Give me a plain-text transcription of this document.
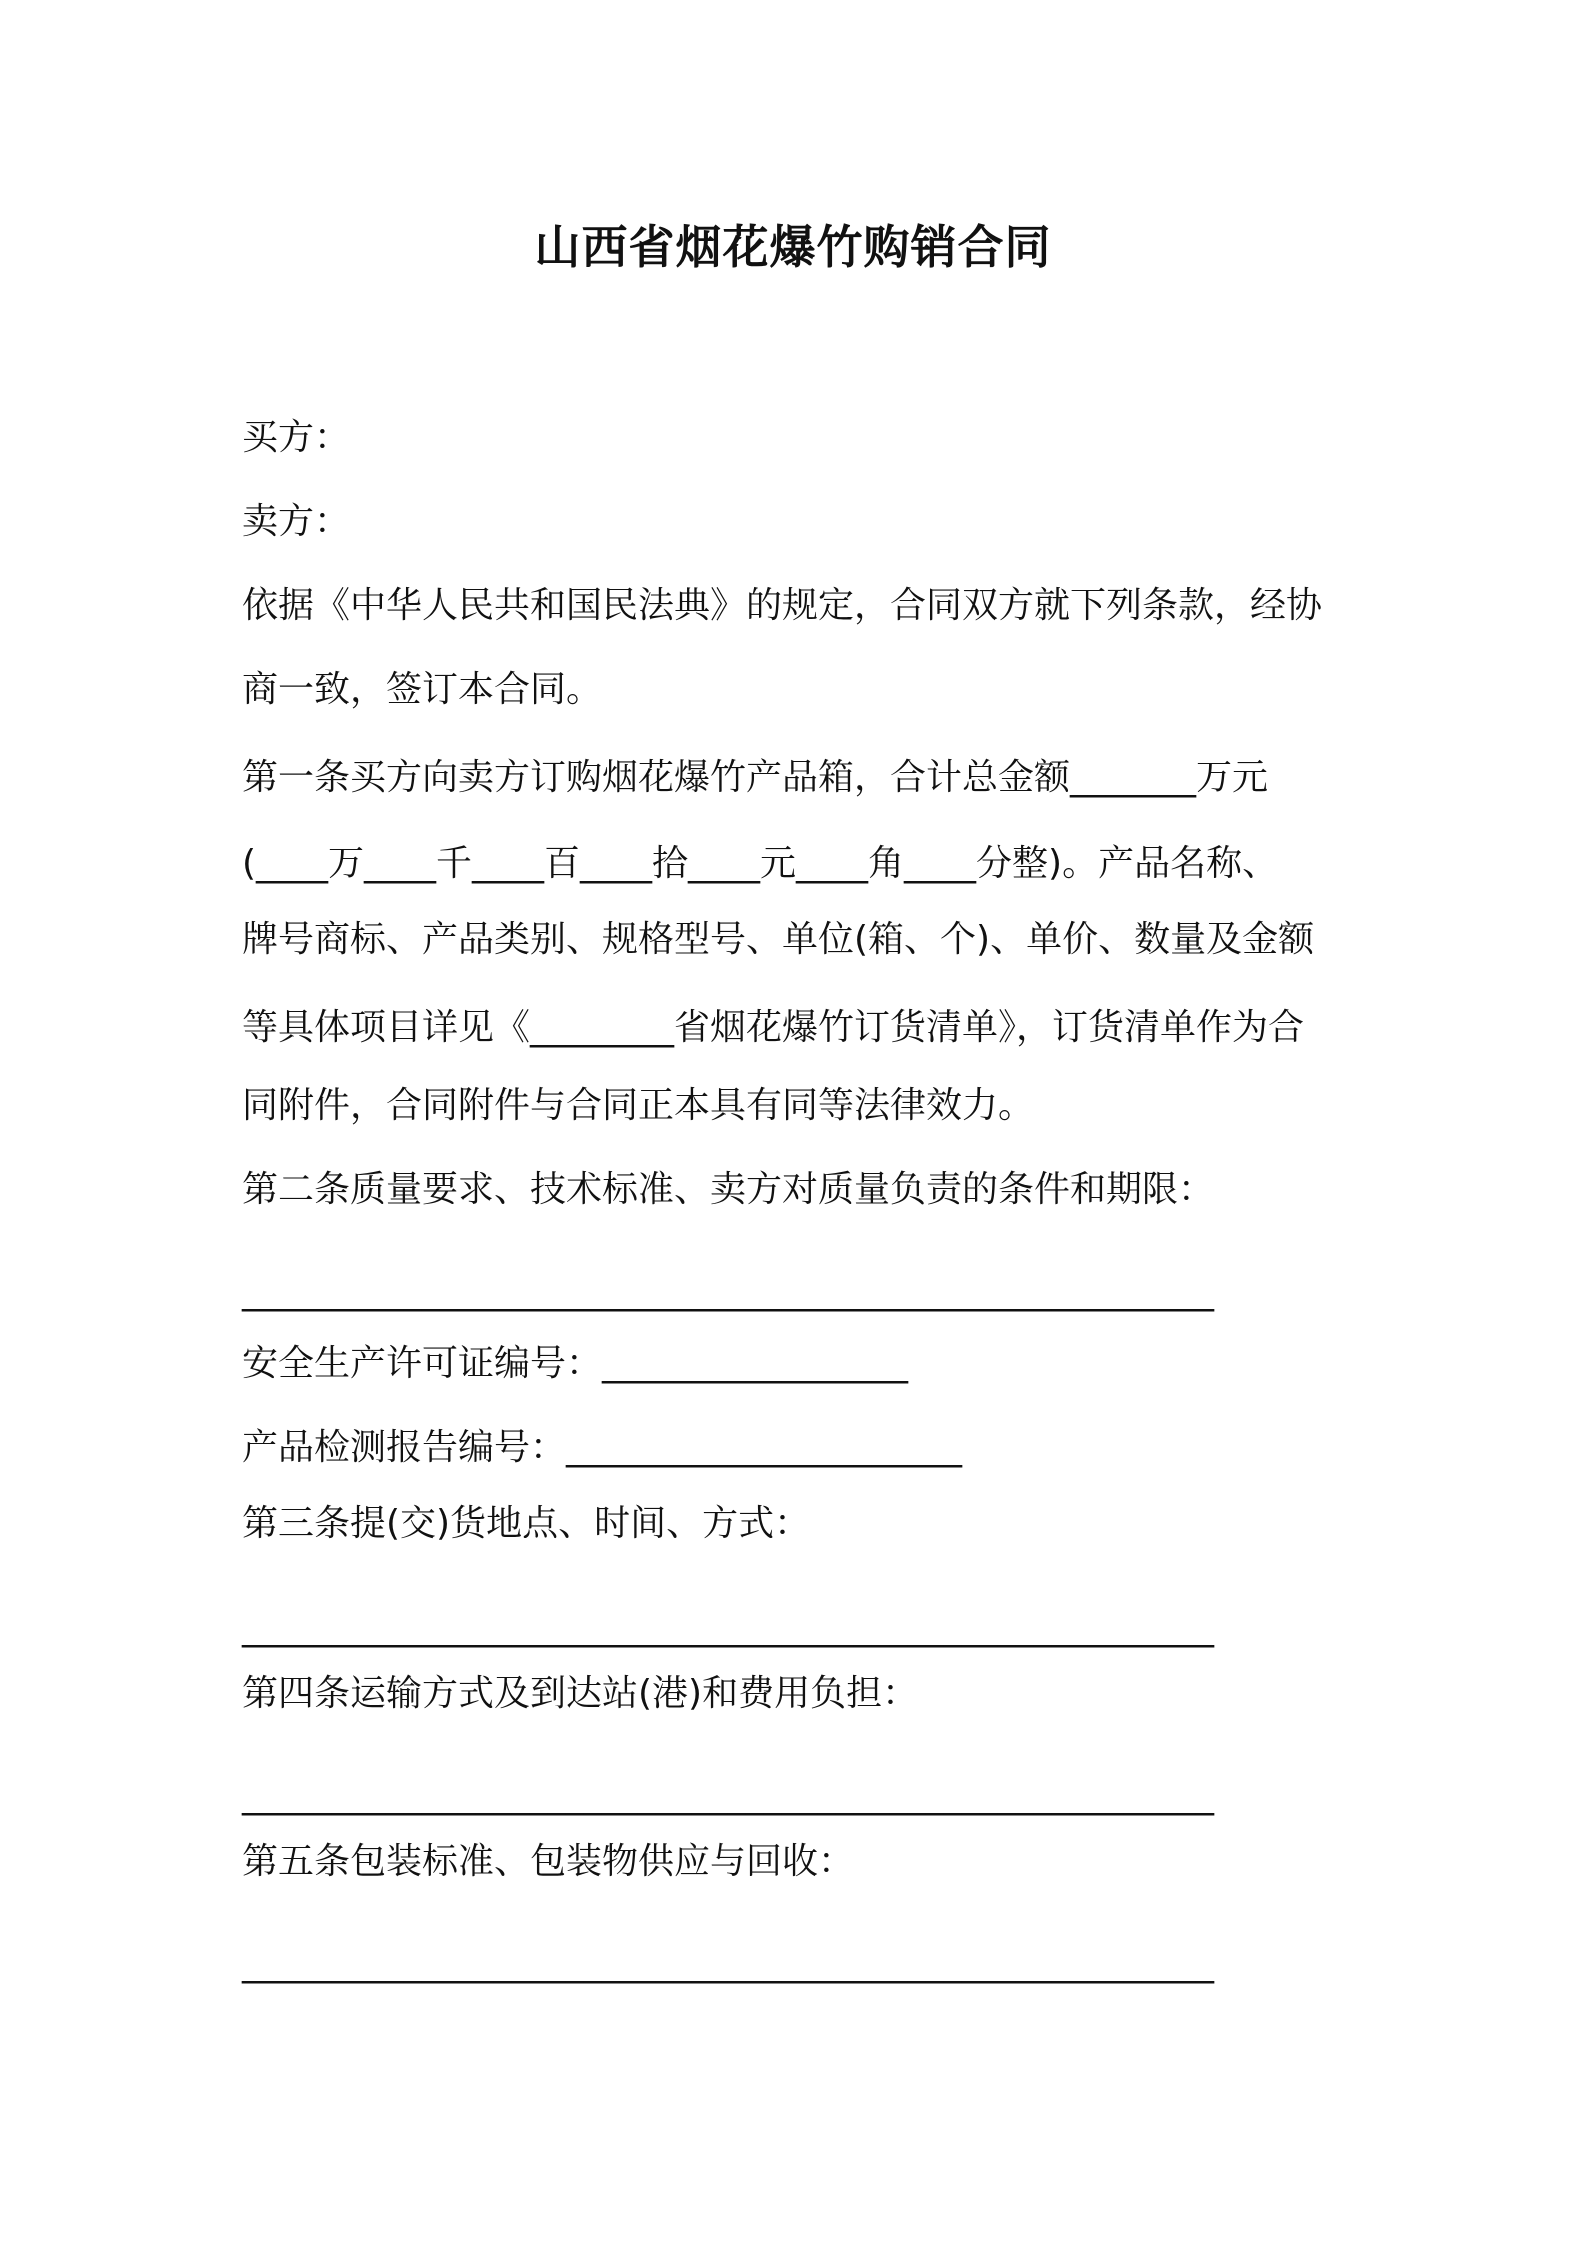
山西省烟花爆竹购销合同
买方：
卖方：
依据《中华人民共和国民法典》的规定，合同双方就下列条款，经协
商一致，签订本合同。
第一条买方向卖方订购烟花爆竹产品箱，合计总金额_______万元
(____万____千____百____拾____元____角____分整)。产品名称、
牌号商标、产品类别、规格型号、单位(箱、个)、单价、数量及金额
等具体项目详见《________省烟花爆竹订货清单》，订货清单作为合
同附件，合同附件与合同正本具有同等法律效力。
第二条质量要求、技术标准、卖方对质量负责的条件和期限：
______________________________________________________
安全生产许可证编号：_________________
产品检测报告编号：______________________
第三条提(交)货地点、时间、方式：
______________________________________________________
第四条运输方式及到达站(港)和费用负担：
______________________________________________________
第五条包装标准、包装物供应与回收：
______________________________________________________
